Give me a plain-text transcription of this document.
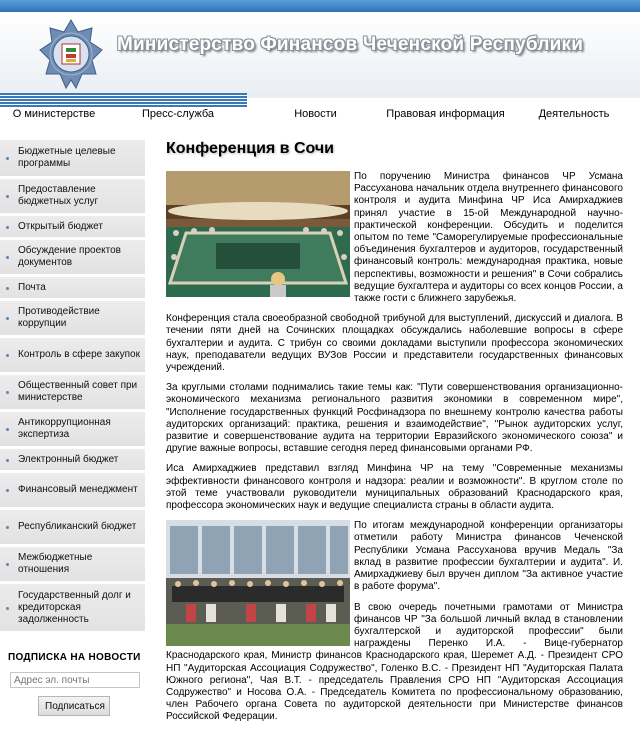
Министерство Финансов Чеченской Республики
О министерстве	Пресс-служба	Новости	Правовая информация	Деятельность
Бюджетные целевые программы
Предоставление бюджетных услуг
Открытый бюджет
Обсуждение проектов документов
Почта
Противодействие коррупции
Контроль в сфере закупок
Общественный совет при министерстве
Антикоррупционная экспертиза
Электронный бюджет
Финансовый менеджмент
Республиканский бюджет
Межбюджетные отношения
Государственный долг и кредиторская задолженность
ПОДПИСКА НА НОВОСТИ
Адрес эл. почты
Подписаться
Конференция в Сочи

По поручению Министра финансов ЧР Усмана Рассуханова начальник отдела внутреннего финансового контроля и аудита Минфина ЧР Иса Амирхаджиев принял участие в 15-ой Международной научно-практической конференции. Обсудить и поделится опытом по теме "Саморегулируемые профессиональные объединения бухгалтеров и аудиторов, государственный финансовый контроль: международная практика, новые перспективы, возможности и решения" в Сочи собрались ведущие бухгалтера и аудиторы со всех концов России, а также гости с ближнего зарубежья.

Конференция стала своеобразной свободной трибуной для выступлений, дискуссий и диалога. В течении пяти дней на Сочинских площадках обсуждались наболевшие вопросы в сфере бухгалтерии и аудита. С трибун со своими докладами выступили профессора экономических наук, преподаватели ведущих ВУЗов России и представители государственных финансовых учреждений.

За круглыми столами поднимались такие темы как: "Пути совершенствования организационно-экономического механизма регионального развития экономики в современном мире", "Исполнение государственных функций Росфинадзора по внешнему контролю качества работы аудиторских организаций: практика, решения и взаимодействие", "Рынок аудиторских услуг, развитие и совершенствование аудита на территории Евразийского экономического союза" и другие важные вопросы, вставшие сегодня перед финансовыми органами РФ.

Иса Амирхаджиев представил взгляд Минфина ЧР на тему "Современные механизмы эффективности финансового контроля и надзора: реалии и возможности". В круглом столе по этой теме участвовали руководители муниципальных образований Краснодарского края, профессора экономических наук и ведущие специалиста страны в области аудита.

По итогам международной конференции организаторы отметили работу Министра финансов Чеченской Республики Усмана Рассуханова вручив Медаль "За вклад в развитие профессии бухгалтерии и аудита". И. Амирхаджиеву был вручен диплом "За активное участие в работе форума".

В свою очередь почетными грамотами от Министра финансов ЧР "За большой личный вклад в становлении бухгалтерской и аудиторской профессии" были награждены Перенко И.А. - Вице-губернатор Краснодарского края, Министр финансов Краснодарского края, Шеремет А.Д. - Президент СРО НП "Аудиторская Ассоциация Содружество", Голенко В.С. - Президент НП "Аудиторская Палата Южного региона", Чая В.Т. - председатель Правления СРО НП "Аудиторская Ассоциация Содружество" и Носова О.А. - Председатель Комитета по профессиональному образованию, член Рабочего органа Совета по аудиторской деятельности при Министерстве финансов Российской Федерации.
